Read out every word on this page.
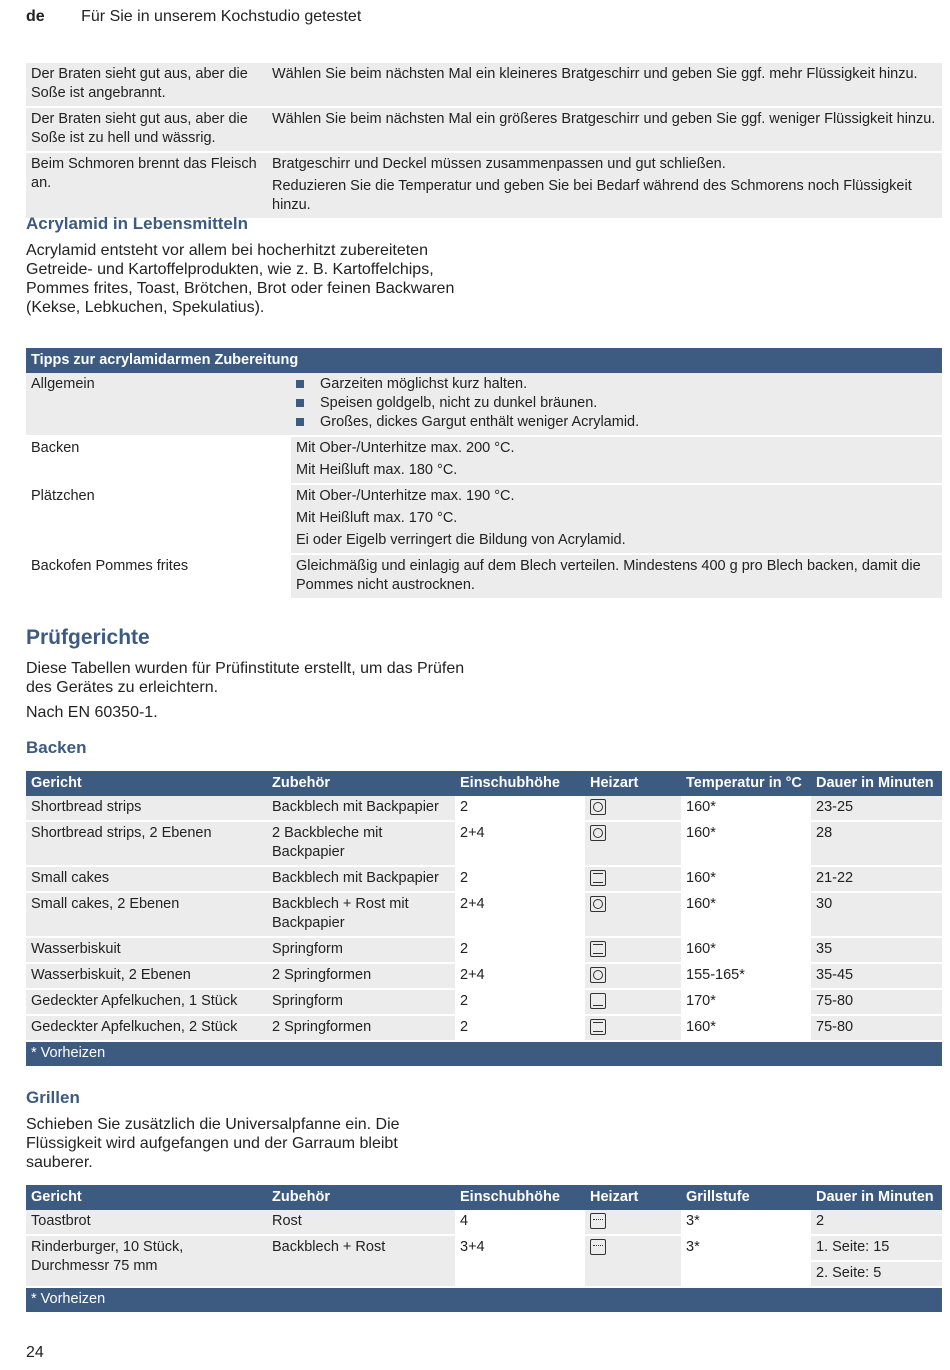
de Für Sie in unserem Kochstudio getestet
Der Braten sieht gut aus, aber die Soße ist angebrannt.	Wählen Sie beim nächsten Mal ein kleineres Bratgeschirr und geben Sie ggf. mehr Flüssigkeit hinzu.
Der Braten sieht gut aus, aber die Soße ist zu hell und wässrig.	Wählen Sie beim nächsten Mal ein größeres Bratgeschirr und geben Sie ggf. weniger Flüssigkeit hinzu.
Beim Schmoren brennt das Fleisch an.	Bratgeschirr und Deckel müssen zusammenpassen und gut schließen.
Reduzieren Sie die Temperatur und geben Sie bei Bedarf während des Schmorens noch Flüssigkeit hinzu.
Acrylamid in Lebensmitteln

Acrylamid entsteht vor allem bei hocherhitzt zubereiteten Getreide- und Kartoffelprodukten, wie z. B. Kartoffelchips, Pommes frites, Toast, Brötchen, Brot oder feinen Backwaren (Kekse, Lebkuchen, Spekulatius).

Tipps zur acrylamidarmen Zubereitung	
Allgemein	Garzeiten möglichst kurz halten.
Speisen goldgelb, nicht zu dunkel bräunen.
Großes, dickes Gargut enthält weniger Acrylamid.

Backen	Mit Ober-/Unterhitze max. 200 °C.
Mit Heißluft max. 180 °C.

Plätzchen	Mit Ober-/Unterhitze max. 190 °C.
Mit Heißluft max. 170 °C.
Ei oder Eigelb verringert die Bildung von Acrylamid.

Backofen Pommes frites	Gleichmäßig und einlagig auf dem Blech verteilen. Mindestens 400 g pro Blech backen, damit die Pommes nicht austrocknen.
Prüfgerichte

Diese Tabellen wurden für Prüfinstitute erstellt, um das Prüfen des Gerätes zu erleichtern.

Nach EN 60350-1.

Backen
Gericht	Zubehör	Einschubhöhe	Heizart	Temperatur in °C	Dauer in Minuten
Shortbread strips	Backblech mit Backpapier	2		160*	23-25
Shortbread strips, 2 Ebenen	2 Backbleche mit Backpapier	2+4		160*	28
Small cakes	Backblech mit Backpapier	2		160*	21-22
Small cakes, 2 Ebenen	Backblech + Rost mit Backpapier	2+4		160*	30
Wasserbiskuit	Springform	2		160*	35
Wasserbiskuit, 2 Ebenen	2 Springformen	2+4		155-165*	35-45
Gedeckter Apfelkuchen, 1 Stück	Springform	2		170*	75-80
Gedeckter Apfelkuchen, 2 Stück	2 Springformen	2		160*	75-80
* Vorheizen					
Grillen

Schieben Sie zusätzlich die Universalpfanne ein. Die Flüssigkeit wird aufgefangen und der Garraum bleibt sauberer.

Gericht	Zubehör	Einschubhöhe	Heizart	Grillstufe	Dauer in Minuten
Toastbrot	Rost	4		3*	2
Rinderburger, 10 Stück, Durchmessr 75 mm	Backblech + Rost	3+4		3*	1. Seite: 15
					2. Seite: 5
* Vorheizen					
24
